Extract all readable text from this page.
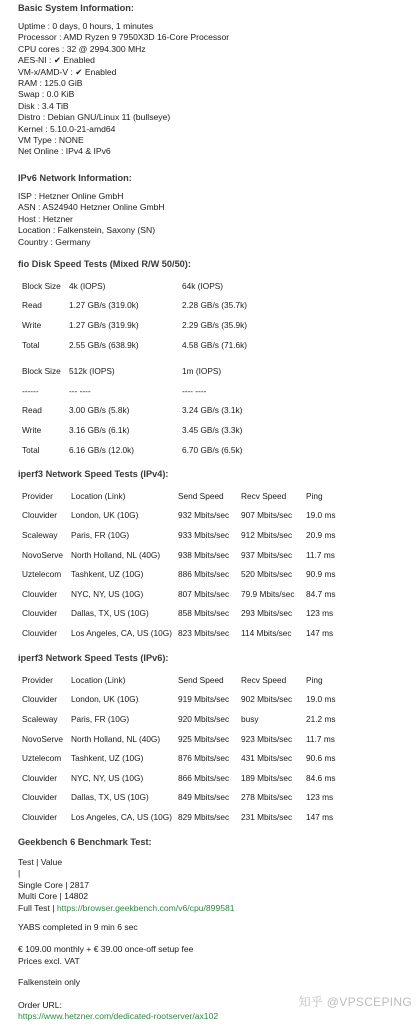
Basic System Information:
Uptime : 0 days, 0 hours, 1 minutes
Processor : AMD Ryzen 9 7950X3D 16-Core Processor
CPU cores : 32 @ 2994.300 MHz
AES-NI : ✔ Enabled
VM-x/AMD-V : ✔ Enabled
RAM : 125.0 GiB
Swap : 0.0 KiB
Disk : 3.4 TiB
Distro : Debian GNU/Linux 11 (bullseye)
Kernel : 5.10.0-21-amd64
VM Type : NONE
Net Online : IPv4 & IPv6
IPv6 Network Information:
ISP : Hetzner Online GmbH
ASN : AS24940 Hetzner Online GmbH
Host : Hetzner
Location : Falkenstein, Saxony (SN)
Country : Germany
fio Disk Speed Tests (Mixed R/W 50/50):
Block Size	4k (IOPS)	64k (IOPS)
Read	1.27 GB/s (319.0k)	2.28 GB/s (35.7k)
Write	1.27 GB/s (319.9k)	2.29 GB/s (35.9k)
Total	2.55 GB/s (638.9k)	4.58 GB/s (71.6k)
Block Size	512k (IOPS)	1m (IOPS)
------	--- ----	---- ----
Read	3.00 GB/s (5.8k)	3.24 GB/s (3.1k)
Write	3.16 GB/s (6.1k)	3.45 GB/s (3.3k)
Total	6.16 GB/s (12.0k)	6.70 GB/s (6.5k)
iperf3 Network Speed Tests (IPv4):
Provider	Location (Link)	Send Speed	Recv Speed	Ping
Clouvider	London, UK (10G)	932 Mbits/sec	907 Mbits/sec	19.0 ms
Scaleway	Paris, FR (10G)	933 Mbits/sec	912 Mbits/sec	20.9 ms
NovoServe	North Holland, NL (40G)	938 Mbits/sec	937 Mbits/sec	11.7 ms
Uztelecom	Tashkent, UZ (10G)	886 Mbits/sec	520 Mbits/sec	90.9 ms
Clouvider	NYC, NY, US (10G)	807 Mbits/sec	79.9 Mbits/sec	84.7 ms
Clouvider	Dallas, TX, US (10G)	858 Mbits/sec	293 Mbits/sec	123 ms
Clouvider	Los Angeles, CA, US (10G)	823 Mbits/sec	114 Mbits/sec	147 ms
iperf3 Network Speed Tests (IPv6):
Provider	Location (Link)	Send Speed	Recv Speed	Ping
Clouvider	London, UK (10G)	919 Mbits/sec	902 Mbits/sec	19.0 ms
Scaleway	Paris, FR (10G)	920 Mbits/sec	busy	21.2 ms
NovoServe	North Holland, NL (40G)	925 Mbits/sec	923 Mbits/sec	11.7 ms
Uztelecom	Tashkent, UZ (10G)	876 Mbits/sec	431 Mbits/sec	90.6 ms
Clouvider	NYC, NY, US (10G)	866 Mbits/sec	189 Mbits/sec	84.6 ms
Clouvider	Dallas, TX, US (10G)	849 Mbits/sec	278 Mbits/sec	123 ms
Clouvider	Los Angeles, CA, US (10G)	829 Mbits/sec	231 Mbits/sec	147 ms
Geekbench 6 Benchmark Test:
Test | Value
|
Single Core | 2817
Multi Core | 14802
Full Test | https://browser.geekbench.com/v6/cpu/899581
YABS completed in 9 min 6 sec
€ 109.00 monthly + € 39.00 once-off setup fee
Prices excl. VAT
Falkenstein only
Order URL:
https://www.hetzner.com/dedicated-rootserver/ax102
知乎 @VPSCEPING
